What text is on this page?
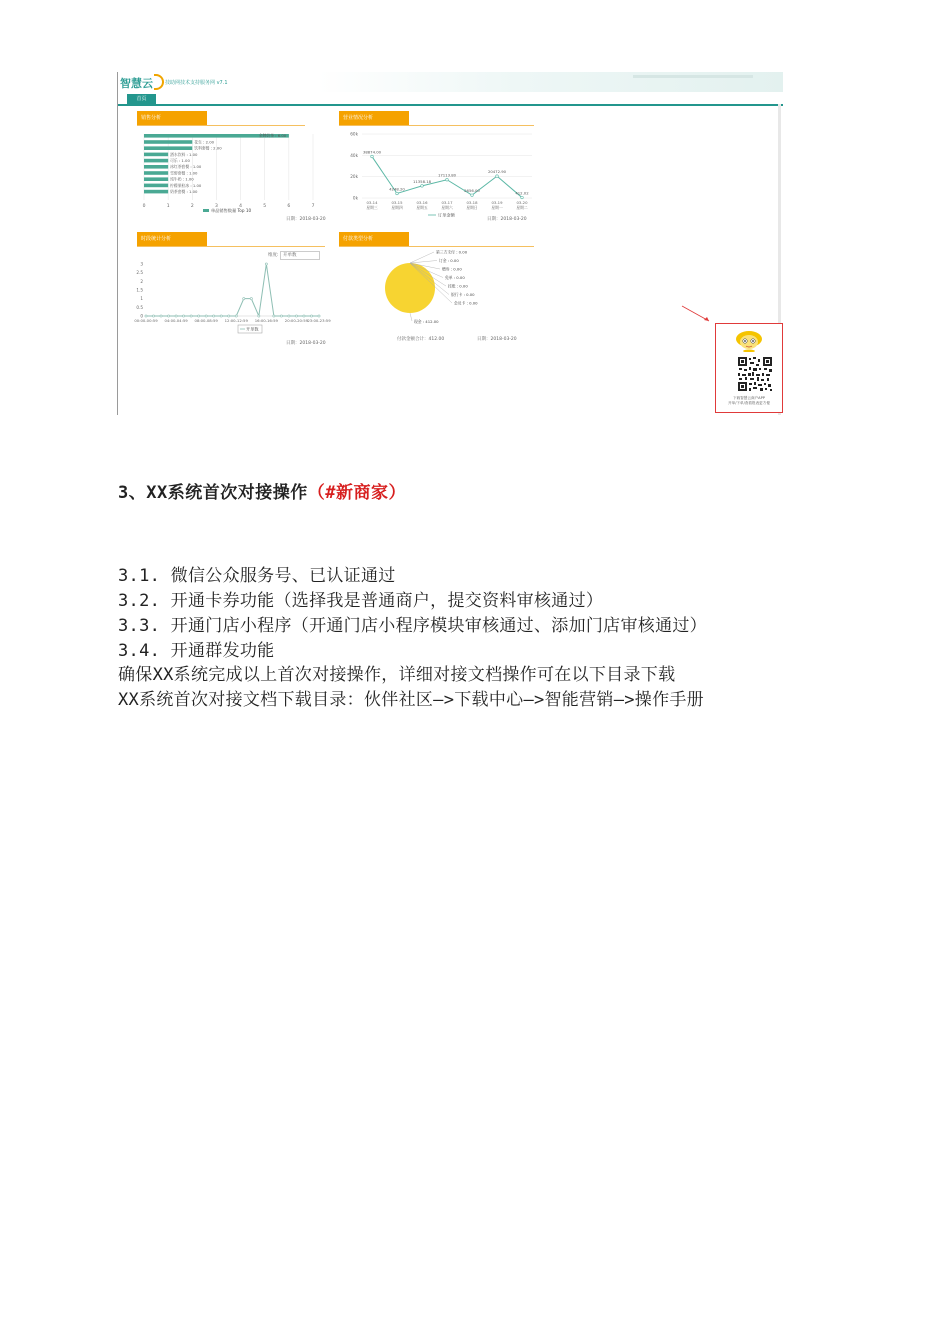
智慧云 技助网技术支持服务网 v7.1
首页
销售分析	营业情况分析
时段统计分析	付款类型分析
0	1	2	3	4	5	6	7
金牌奶茶 : 6.00
花生 : 2.00
饮料套餐 : 2.00
酒水饮料 : 1.00
可乐 : 1.00
冰红茶套餐 : 1.00
雪碧套餐 : 1.00
纯牛奶 : 1.00
柠檬果粒冰 : 1.00
奶茶套餐 : 1.00
单品销售数量 Top 10
0k
20k
40k
60k
38874.00
03-14
星期三
4248.20
03-15
星期四
11358.18
03-16
星期五
17113.80
03-17
星期六
2656.00
03-18
星期日
20472.90
03-19
星期一
412.02
03-20
星期二
订单金额
0
0.5
1
1.5
2
2.5
3
00:00-00:59 04:00-04:59 08:00-08:59 12:00-12:59 16:00-16:59 20:00-20:59 23:00-23:59
开单数
第三方支付 : 0.00
订金 : 0.00
赠券 : 0.00
免单 : 0.00
挂账 : 0.00
银行卡 : 0.00
会员卡 : 0.00
现金 : 412.00
日期：2018-03-20	日期：2018-03-20
日期：2018-03-20
付款金额合计：412.00	日期：2018-03-20
维度: 开单数
下载智慧云商户APP
开单/下单/查看报表更方便
3、XX系统首次对接操作（#新商家）
3.1. 微信公众服务号、已认证通过
3.2. 开通卡券功能（选择我是普通商户，提交资料审核通过）
3.3. 开通门店小程序（开通门店小程序模块审核通过、添加门店审核通过）
3.4. 开通群发功能
确保XX系统完成以上首次对接操作，详细对接文档操作可在以下目录下载
XX系统首次对接文档下载目录：伙伴社区—>下载中心—>智能营销—>操作手册
